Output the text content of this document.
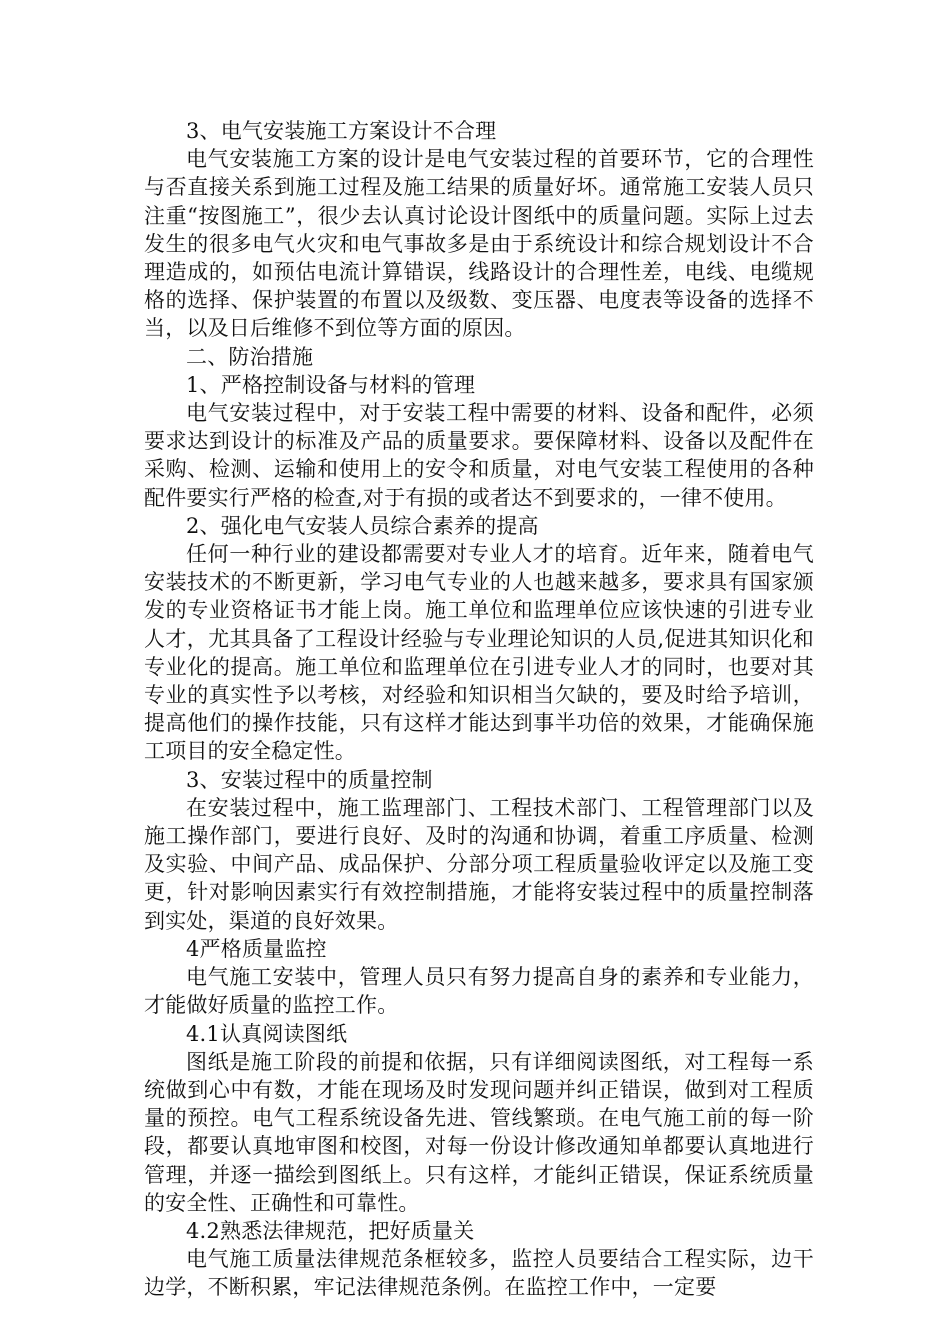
3、电气安装施工方案设计不合理

电气安装施工方案的设计是电气安装过程的首要环节，它的合理性与否直接关系到施工过程及施工结果的质量好坏。通常施工安装人员只注重“按图施工”，很少去认真讨论设计图纸中的质量问题。实际上过去发生的很多电气火灾和电气事故多是由于系统设计和综合规划设计不合理造成的，如预估电流计算错误，线路设计的合理性差，电线、电缆规格的选择、保护装置的布置以及级数、变压器、电度表等设备的选择不当，以及日后维修不到位等方面的原因。

二、防治措施

1、严格控制设备与材料的管理

电气安装过程中，对于安装工程中需要的材料、设备和配件，必须要求达到设计的标准及产品的质量要求。要保障材料、设备以及配件在采购、检测、运输和使用上的安令和质量，对电气安装工程使用的各种配件要实行严格的检查,对于有损的或者达不到要求的，一律不使用。

2、强化电气安装人员综合素养的提高

任何一种行业的建设都需要对专业人才的培育。近年来，随着电气安装技术的不断更新，学习电气专业的人也越来越多，要求具有国家颁发的专业资格证书才能上岗。施工单位和监理单位应该快速的引进专业人才，尤其具备了工程设计经验与专业理论知识的人员,促进其知识化和专业化的提高。施工单位和监理单位在引进专业人才的同时，也要对其专业的真实性予以考核，对经验和知识相当欠缺的，要及时给予培训，提高他们的操作技能，只有这样才能达到事半功倍的效果，才能确保施工项目的安全稳定性。

3、安装过程中的质量控制

在安装过程中，施工监理部门、工程技术部门、工程管理部门以及施工操作部门，要进行良好、及时的沟通和协调，着重工序质量、检测及实验、中间产品、成品保护、分部分项工程质量验收评定以及施工变更，针对影响因素实行有效控制措施，才能将安装过程中的质量控制落到实处，渠道的良好效果。

4严格质量监控

电气施工安装中，管理人员只有努力提高自身的素养和专业能力，才能做好质量的监控工作。

4.1认真阅读图纸

图纸是施工阶段的前提和依据，只有详细阅读图纸，对工程每一系统做到心中有数，才能在现场及时发现问题并纠正错误，做到对工程质量的预控。电气工程系统设备先进、管线繁琐。在电气施工前的每一阶段，都要认真地审图和校图，对每一份设计修改通知单都要认真地进行管理，并逐一描绘到图纸上。只有这样，才能纠正错误，保证系统质量的安全性、正确性和可靠性。

4.2熟悉法律规范，把好质量关

电气施工质量法律规范条框较多，监控人员要结合工程实际，边干边学，不断积累，牢记法律规范条例。在监控工作中，一定要
